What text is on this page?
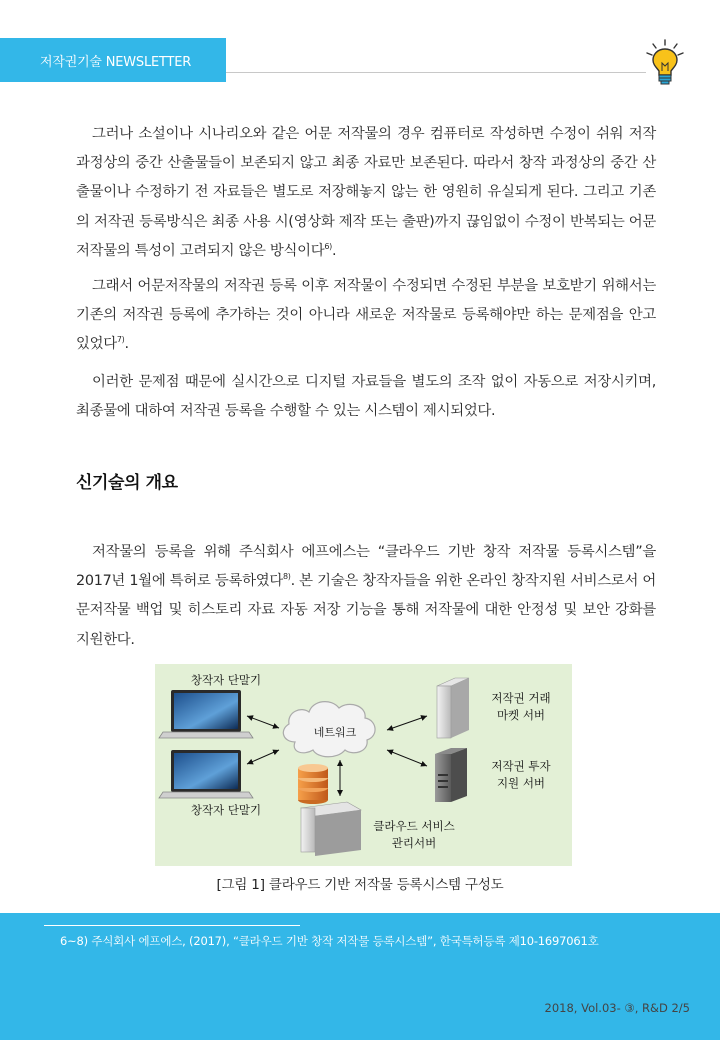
저작권기술 NEWSLETTER

그러나 소설이나 시나리오와 같은 어문 저작물의 경우 컴퓨터로 작성하면 수정이 쉬워 저작 과정상의 중간 산출물들이 보존되지 않고 최종 자료만 보존된다. 따라서 창작 과정상의 중간 산출물이나 수정하기 전 자료들은 별도로 저장해놓지 않는 한 영원히 유실되게 된다. 그리고 기존의 저작권 등록방식은 최종 사용 시(영상화 제작 또는 출판)까지 끊임없이 수정이 반복되는 어문저작물의 특성이 고려되지 않은 방식이다$^{6)}$.

그래서 어문저작물의 저작권 등록 이후 저작물이 수정되면 수정된 부분을 보호받기 위해서는 기존의 저작권 등록에 추가하는 것이 아니라 새로운 저작물로 등록해야만 하는 문제점을 안고 있었다$^{7)}$.

이러한 문제점 때문에 실시간으로 디지털 자료들을 별도의 조작 없이 자동으로 저장시키며, 최종물에 대하여 저작권 등록을 수행할 수 있는 시스템이 제시되었다.

신기술의 개요

저작물의 등록을 위해 주식회사 에프에스는 “클라우드 기반 창작 저작물 등록시스템”을 2017년 1월에 특허로 등록하였다$^{8)}$. 본 기술은 창작자들을 위한 온라인 창작지원 서비스로서 어문저작물 백업 및 히스토리 자료 자동 저장 기능을 통해 저작물에 대한 안정성 및 보안 강화를 지원한다.

창작자 단말기
창작자 단말기
네트워크
저작권 거래
마켓 서버
저작권 투자
지원 서버
클라우드 서비스
관리서버
[그림 1] 클라우드 기반 저작물 등록시스템 구성도
6~8) 주식회사 에프에스, (2017), “클라우드 기반 창작 저작물 등록시스템”, 한국특허등록 제10-1697061호
2018, Vol.03- ③, R&D 2/5
